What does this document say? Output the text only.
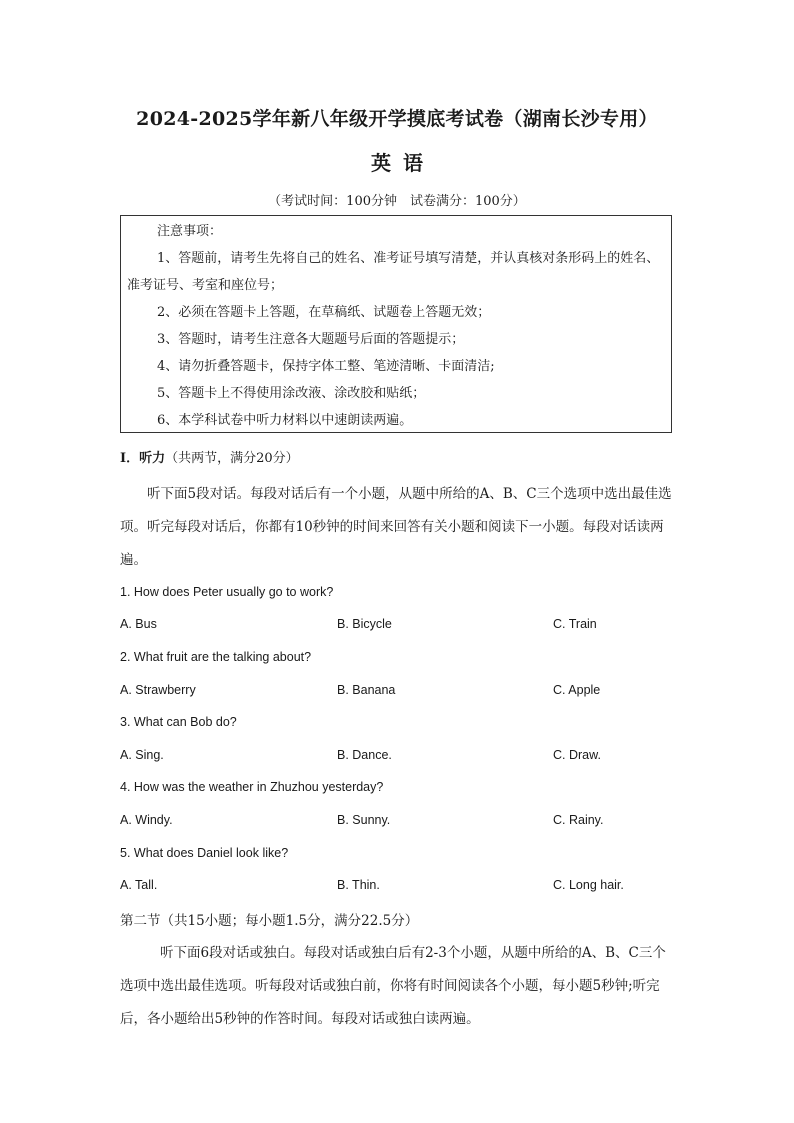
2024-2025学年新八年级开学摸底考试卷（湖南长沙专用）
英语
（考试时间：100分钟　试卷满分：100分）
注意事项：
1、答题前，请考生先将自己的姓名、准考证号填写清楚，并认真核对条形码上的姓名、准考证号、考室和座位号；
2、必须在答题卡上答题，在草稿纸、试题卷上答题无效；
3、答题时，请考生注意各大题题号后面的答题提示；
4、请勿折叠答题卡，保持字体工整、笔迹清晰、卡面清洁;
5、答题卡上不得使用涂改液、涂改胶和贴纸；
6、本学科试卷中听力材料以中速朗读两遍。
I．听力（共两节，满分20分）
听下面5段对话。每段对话后有一个小题，从题中所给的A、B、C三个选项中选出最佳选项。听完每段对话后，你都有10秒钟的时间来回答有关小题和阅读下一小题。每段对话读两遍。
1. How does Peter usually go to work?
A. Bus	B. Bicycle	C. Train
2. What fruit are the talking about?
A. Strawberry	B. Banana	C. Apple
3. What can Bob do?
A. Sing.	B. Dance.	C. Draw.
4. How was the weather in Zhuzhou yesterday?
A. Windy.	B. Sunny.	C. Rainy.
5. What does Daniel look like?
A. Tall.	B. Thin.	C. Long hair.
第二节（共15小题；每小题1.5分，满分22.5分）
听下面6段对话或独白。每段对话或独白后有2-3个小题，从题中所给的A、B、C三个选项中选出最佳选项。听每段对话或独白前，你将有时间阅读各个小题，每小题5秒钟;听完后，各小题给出5秒钟的作答时间。每段对话或独白读两遍。
